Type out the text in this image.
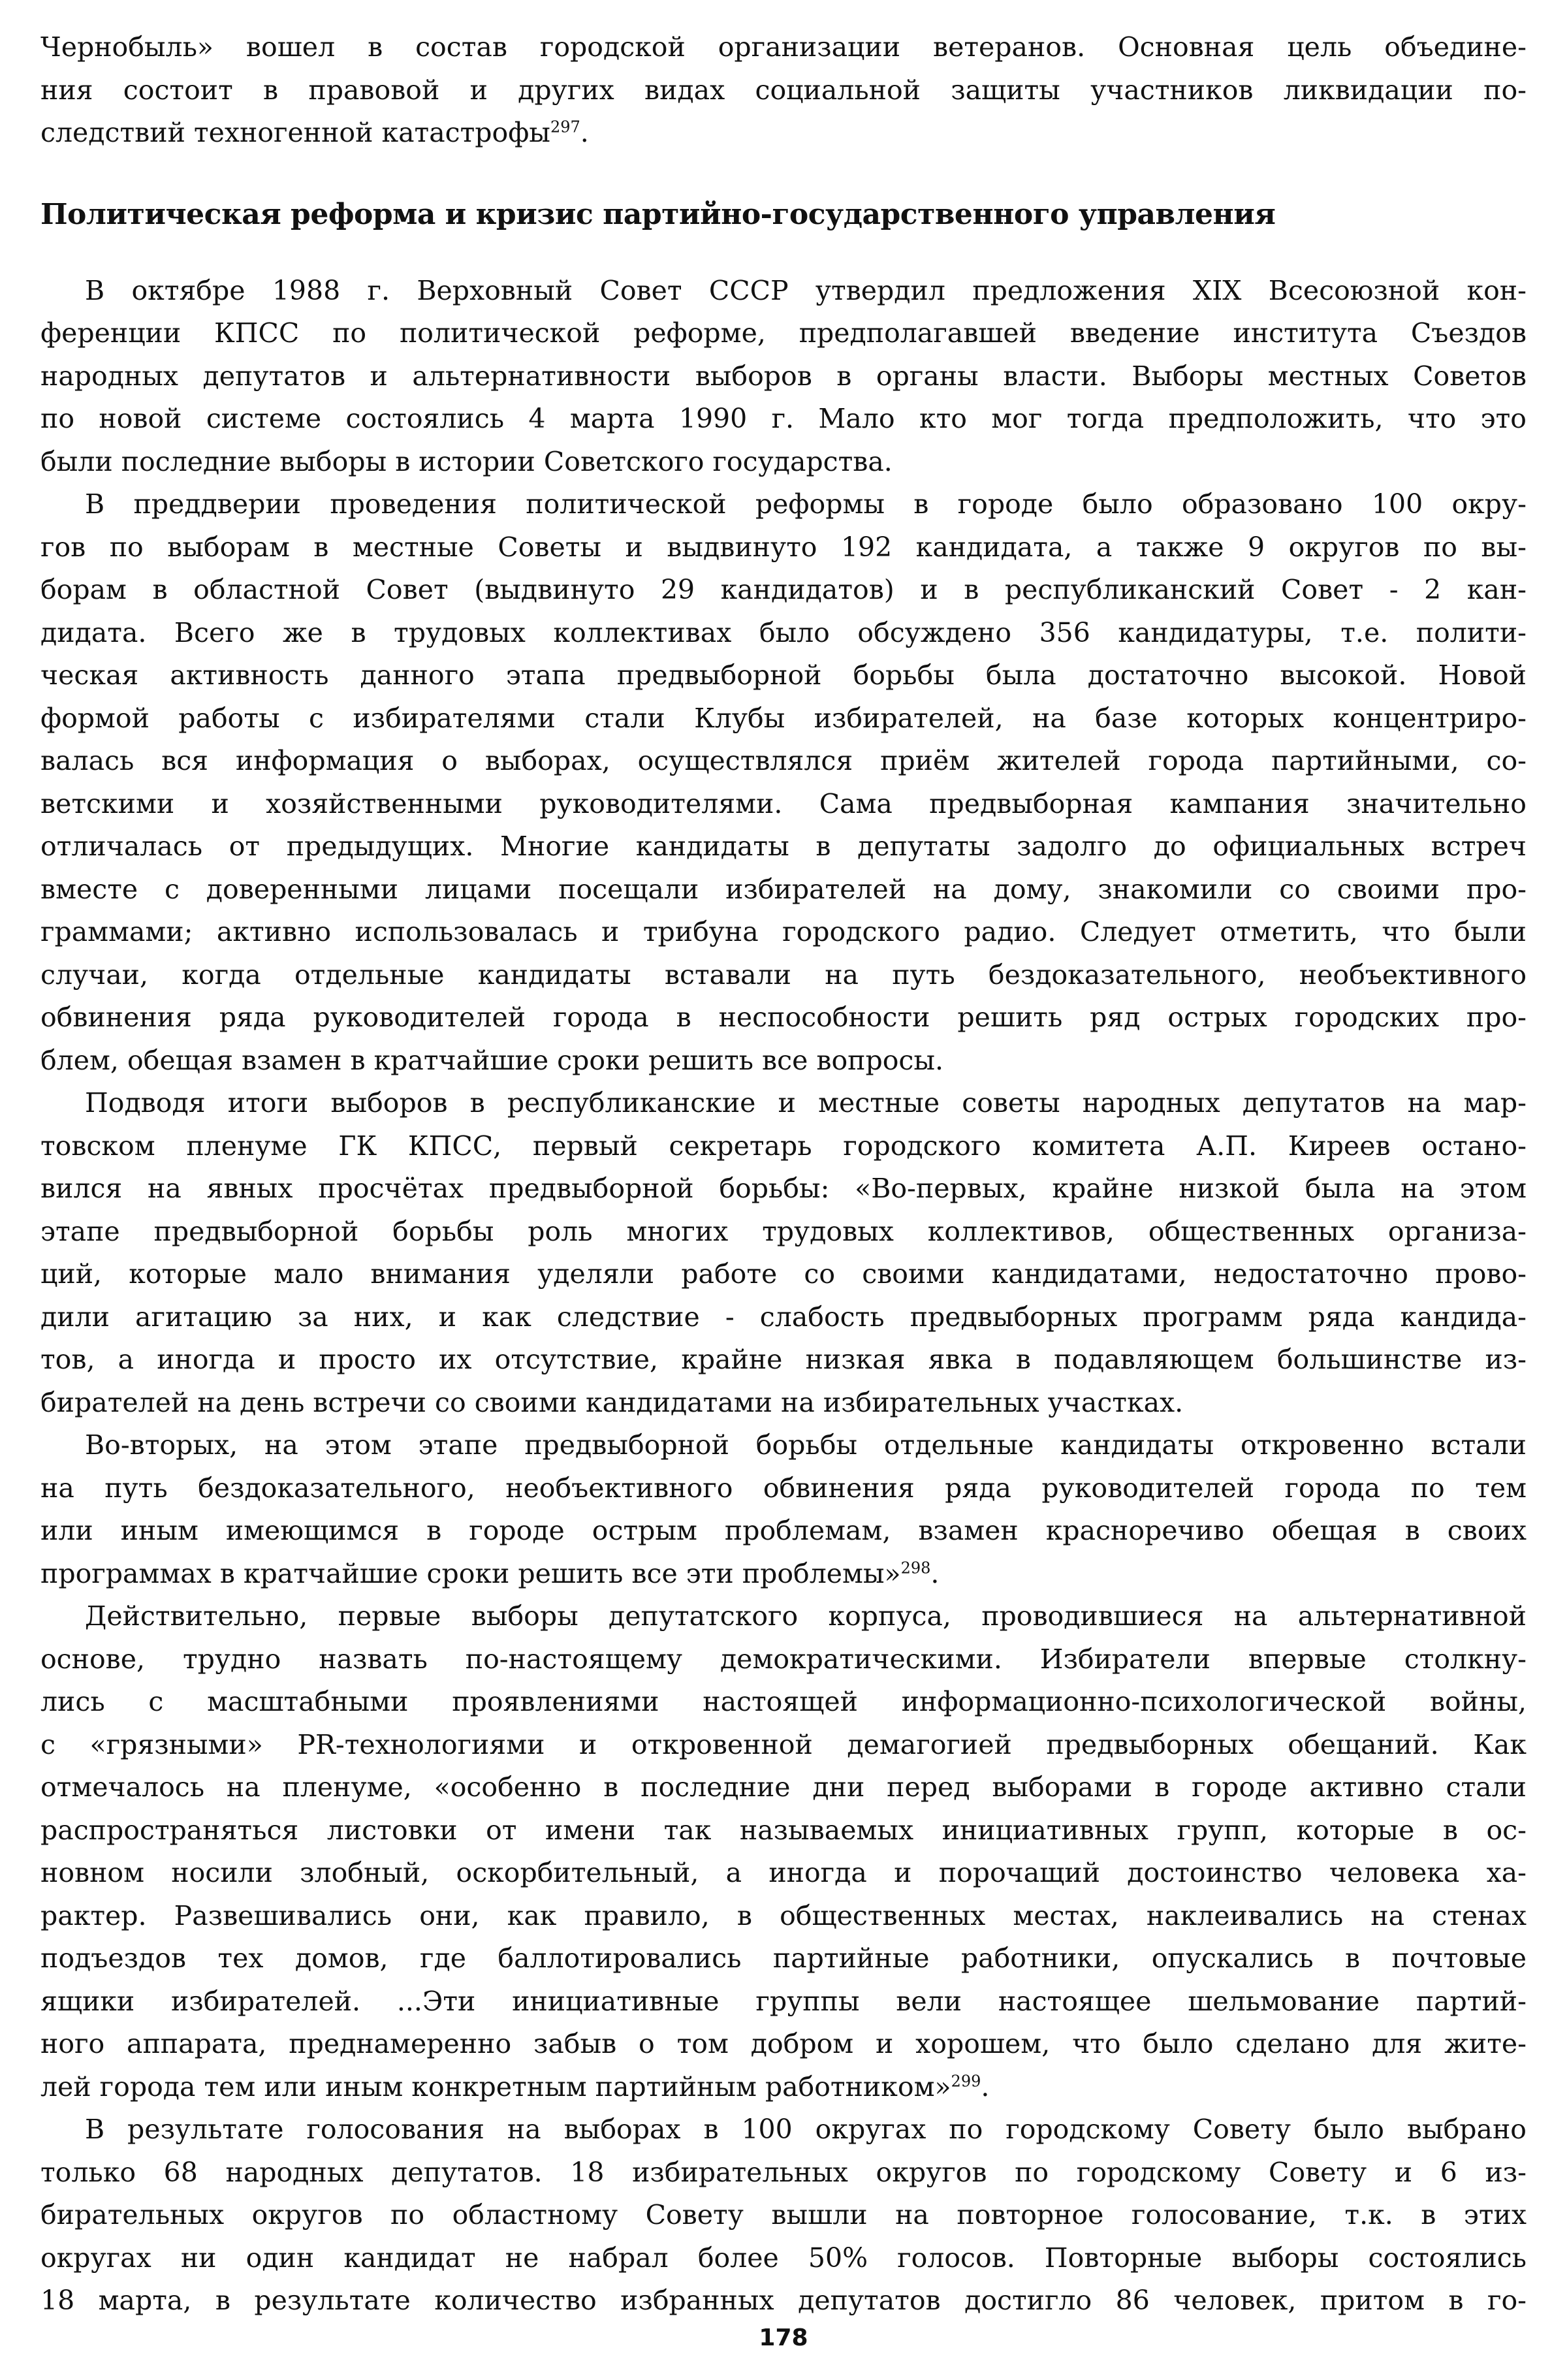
Чернобыль» вошел в состав городской организации ветеранов. Основная цель объедине-
ния состоит в правовой и других видах социальной защиты участников ликвидации по-
следствий техногенной катастрофы$^{297}$.
Политическая реформа и кризис партийно-государственного управления
В октябре 1988 г. Верховный Совет СССР утвердил предложения XIX Всесоюзной кон-
ференции КПСС по политической реформе, предполагавшей введение института Съездов
народных депутатов и альтернативности выборов в органы власти. Выборы местных Советов
по новой системе состоялись 4 марта 1990 г. Мало кто мог тогда предположить, что это
были последние выборы в истории Советского государства.
В преддверии проведения политической реформы в городе было образовано 100 окру-
гов по выборам в местные Советы и выдвинуто 192 кандидата, а также 9 округов по вы-
борам в областной Совет (выдвинуто 29 кандидатов) и в республиканский Совет - 2 кан-
дидата. Всего же в трудовых коллективах было обсуждено 356 кандидатуры, т.е. полити-
ческая активность данного этапа предвыборной борьбы была достаточно высокой. Новой
формой работы с избирателями стали Клубы избирателей, на базе которых концентриро-
валась вся информация о выборах, осуществлялся приём жителей города партийными, со-
ветскими и хозяйственными руководителями. Сама предвыборная кампания значительно
отличалась от предыдущих. Многие кандидаты в депутаты задолго до официальных встреч
вместе с доверенными лицами посещали избирателей на дому, знакомили со своими про-
граммами; активно использовалась и трибуна городского радио. Следует отметить, что были
случаи, когда отдельные кандидаты вставали на путь бездоказательного, необъективного
обвинения ряда руководителей города в неспособности решить ряд острых городских про-
блем, обещая взамен в кратчайшие сроки решить все вопросы.
Подводя итоги выборов в республиканские и местные советы народных депутатов на мар-
товском пленуме ГК КПСС, первый секретарь городского комитета А.П. Киреев остано-
вился на явных просчётах предвыборной борьбы: «Во-первых, крайне низкой была на этом
этапе предвыборной борьбы роль многих трудовых коллективов, общественных организа-
ций, которые мало внимания уделяли работе со своими кандидатами, недостаточно прово-
дили агитацию за них, и как следствие - слабость предвыборных программ ряда кандида-
тов, а иногда и просто их отсутствие, крайне низкая явка в подавляющем большинстве из-
бирателей на день встречи со своими кандидатами на избирательных участках.
Во-вторых, на этом этапе предвыборной борьбы отдельные кандидаты откровенно встали
на путь бездоказательного, необъективного обвинения ряда руководителей города по тем
или иным имеющимся в городе острым проблемам, взамен красноречиво обещая в своих
программах в кратчайшие сроки решить все эти проблемы»$^{298}$.
Действительно, первые выборы депутатского корпуса, проводившиеся на альтернативной
основе, трудно назвать по-настоящему демократическими. Избиратели впервые столкну-
лись с масштабными проявлениями настоящей информационно-психологической войны,
с «грязными» PR-технологиями и откровенной демагогией предвыборных обещаний. Как
отмечалось на пленуме, «особенно в последние дни перед выборами в городе активно стали
распространяться листовки от имени так называемых инициативных групп, которые в ос-
новном носили злобный, оскорбительный, а иногда и порочащий достоинство человека ха-
рактер. Развешивались они, как правило, в общественных местах, наклеивались на стенах
подъездов тех домов, где баллотировались партийные работники, опускались в почтовые
ящики избирателей. ...Эти инициативные группы вели настоящее шельмование партий-
ного аппарата, преднамеренно забыв о том добром и хорошем, что было сделано для жите-
лей города тем или иным конкретным партийным работником»$^{299}$.
В результате голосования на выборах в 100 округах по городскому Совету было выбрано
только 68 народных депутатов. 18 избирательных округов по городскому Совету и 6 из-
бирательных округов по областному Совету вышли на повторное голосование, т.к. в этих
округах ни один кандидат не набрал более 50% голосов. Повторные выборы состоялись
18 марта, в результате количество избранных депутатов достигло 86 человек, притом в го-
178
